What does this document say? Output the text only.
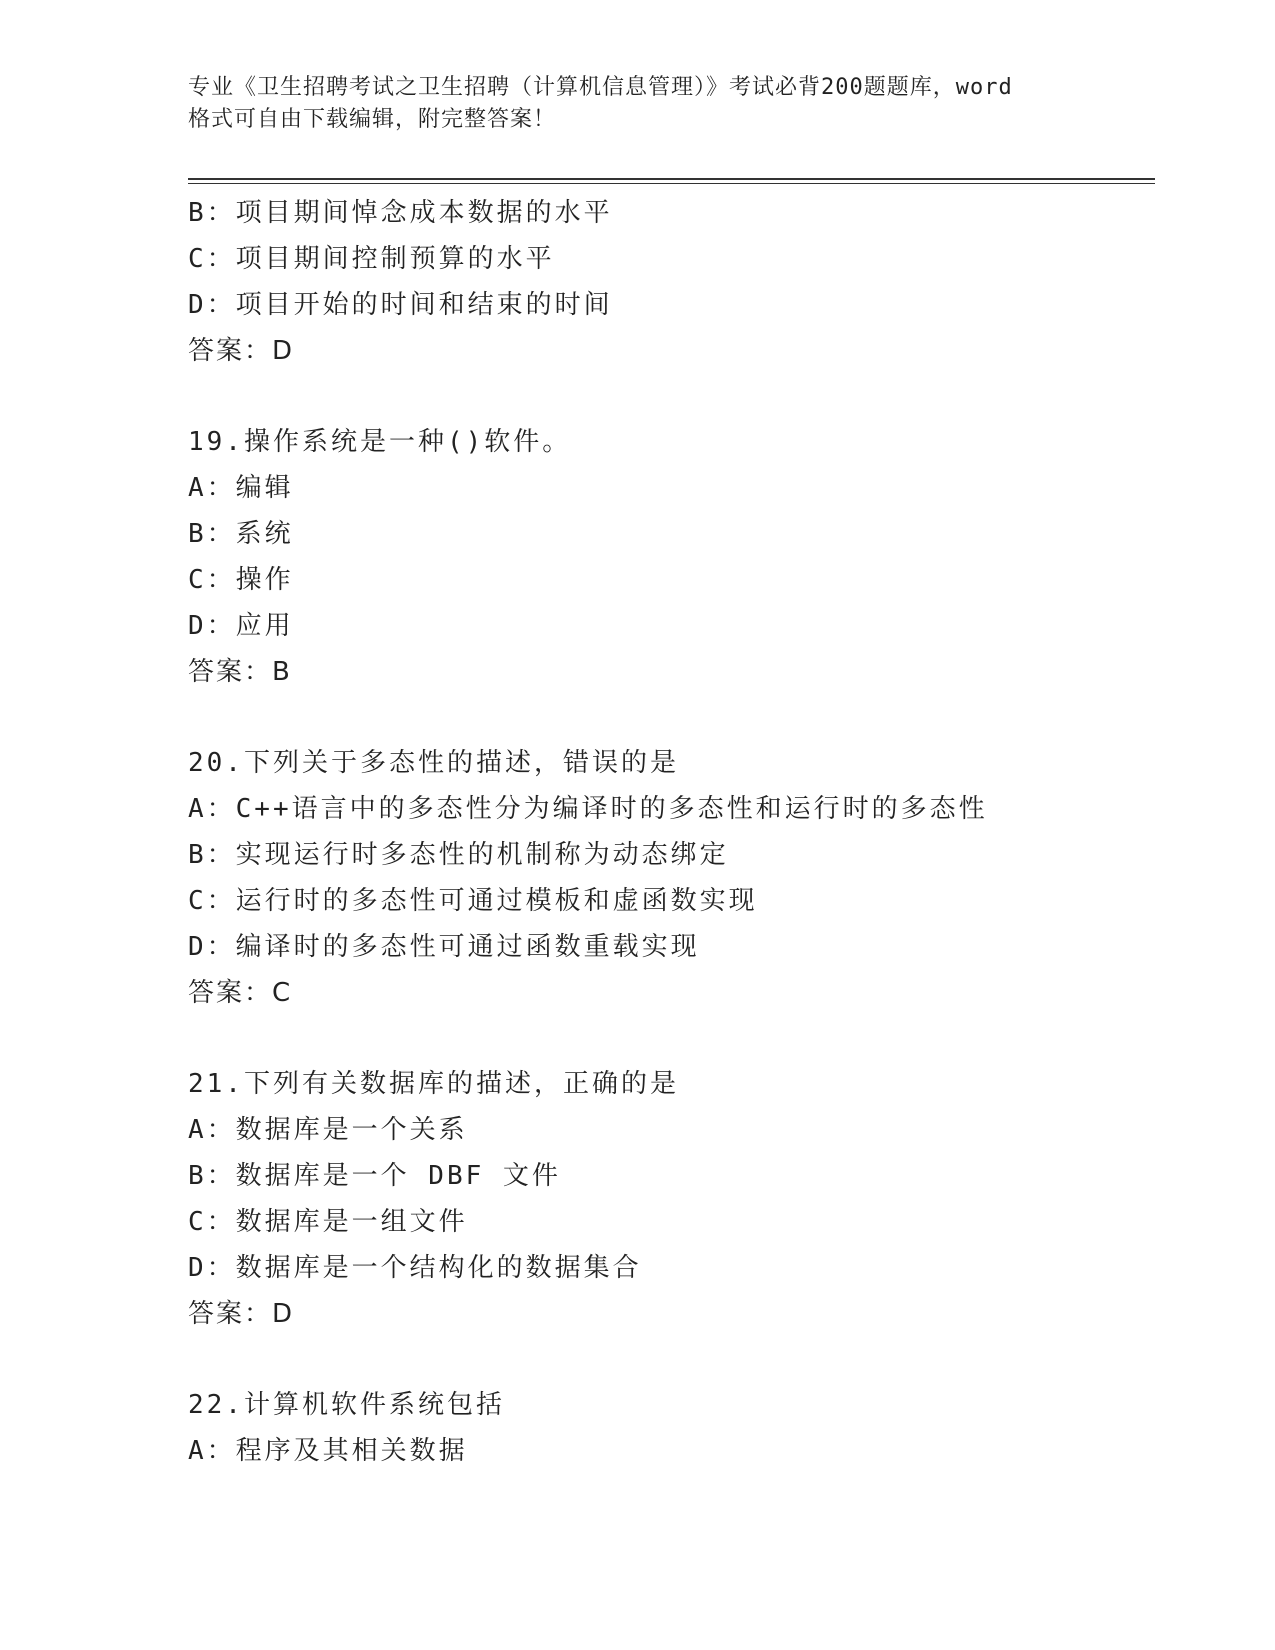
专业《卫生招聘考试之卫生招聘（计算机信息管理）》考试必背200题题库，word
格式可自由下载编辑，附完整答案！
B：项目期间悼念成本数据的水平
C：项目期间控制预算的水平
D：项目开始的时间和结束的时间
答案：D
19.操作系统是一种()软件。
A：编辑
B：系统
C：操作
D：应用
答案：B
20.下列关于多态性的描述，错误的是
A：C++语言中的多态性分为编译时的多态性和运行时的多态性
B：实现运行时多态性的机制称为动态绑定
C：运行时的多态性可通过模板和虚函数实现
D：编译时的多态性可通过函数重载实现
答案：C
21.下列有关数据库的描述，正确的是
A：数据库是一个关系
B：数据库是一个 DBF 文件
C：数据库是一组文件
D：数据库是一个结构化的数据集合
答案：D
22.计算机软件系统包括
A：程序及其相关数据
